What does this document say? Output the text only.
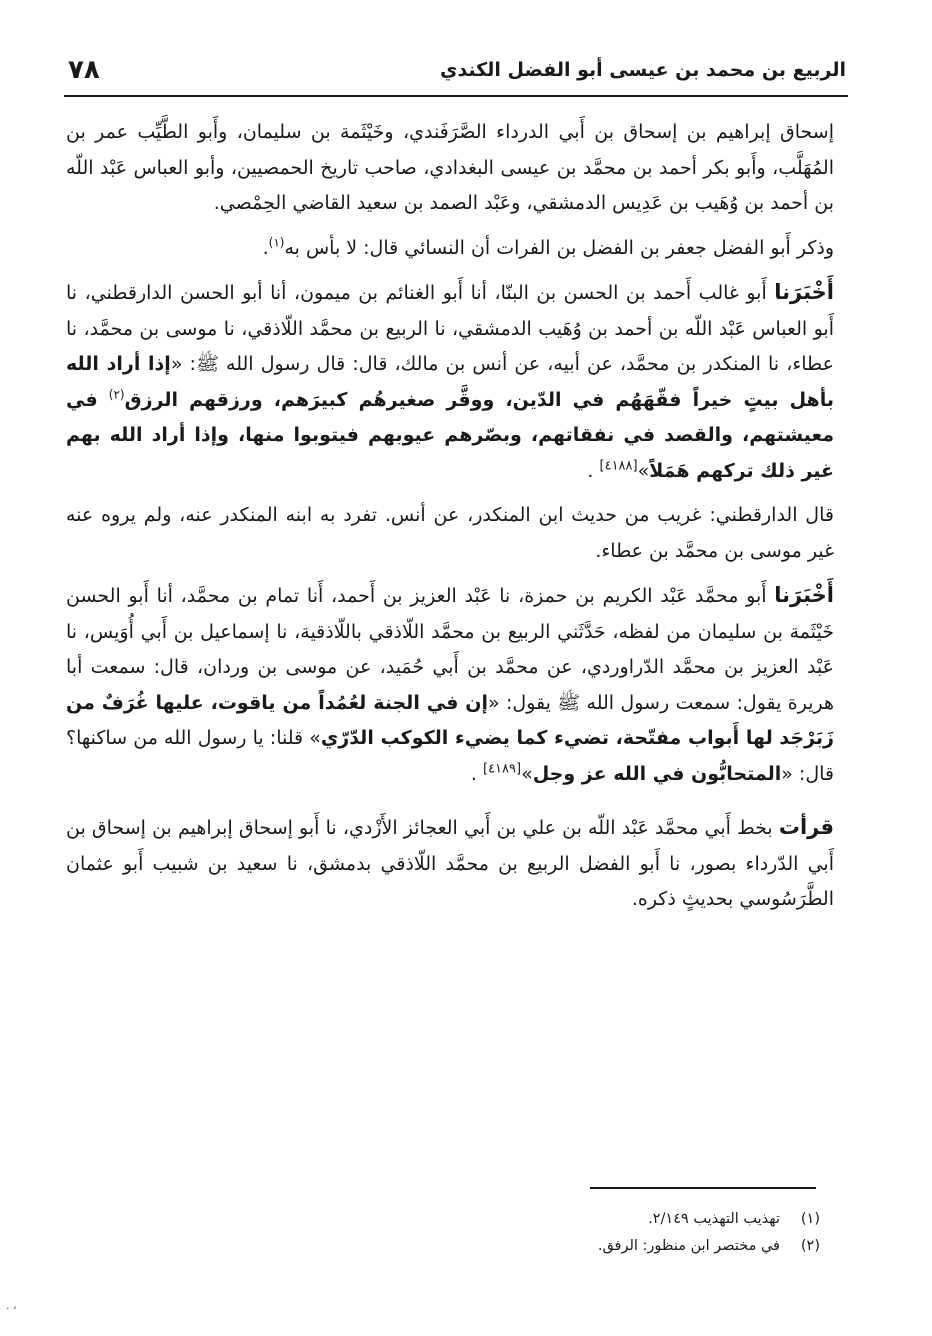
الربيع بن محمد بن عيسى أبو الفضل الكندي
٧٨

إسحاق إبراهيم بن إسحاق بن أَبي الدرداء الصَّرَفَندي، وخَيْثَمة بن سليمان، وأَبو الطَّيِّب عمر بن المُهَلَّب، وأَبو بكر أحمد بن محمَّد بن عيسى البغدادي، صاحب تاريخ الحمصيين، وأبو العباس عَبْد اللّه بن أحمد بن وُهَيب بن عَدِيس الدمشقي، وعَبْد الصمد بن سعيد القاضي الحِمْصي.

وذكر أَبو الفضل جعفر بن الفضل بن الفرات أن النسائي قال: لا بأس به$^{(١)}$.

أَخْبَرَنا أَبو غالب أَحمد بن الحسن بن البنّا، أنا أَبو الغنائم بن ميمون، أنا أبو الحسن الدارقطني، نا أَبو العباس عَبْد اللّه بن أحمد بن وُهَيب الدمشقي، نا الربيع بن محمَّد اللّاذقي، نا موسى بن محمَّد، نا عطاء، نا المنكدر بن محمَّد، عن أبيه، عن أنس بن مالك، قال: قال رسول الله ﷺ: «إذا أراد الله بأهل بيتٍ خيراً فقّهَهُم في الدّين، ووقَّر صغيرهُم كبيرَهم، ورزقهم الرزق$^{(٢)}$ في معيشتهم، والقصد في نفقاتهم، وبصّرهم عيوبهم فيتوبوا منها، وإذا أراد الله بهم غير ذلك تركهم هَمَلاً»[٤١٨٨] .

قال الدارقطني: غريب من حديث ابن المنكدر، عن أنس. تفرد به ابنه المنكدر عنه، ولم يروه عنه غير موسى بن محمَّد بن عطاء.

أَخْبَرَنا أَبو محمَّد عَبْد الكريم بن حمزة، نا عَبْد العزيز بن أَحمد، أَنا تمام بن محمَّد، أنا أَبو الحسن خَيْثَمة بن سليمان من لفظه، حَدَّثَني الربيع بن محمَّد اللّاذقي باللّاذقية، نا إسماعيل بن أَبي أُوَيس، نا عَبْد العزيز بن محمَّد الدّراوردي، عن محمَّد بن أَبي حُمَيد، عن موسى بن وردان، قال: سمعت أبا هريرة يقول: سمعت رسول الله ﷺ يقول: «إن في الجنة لعُمُداً من ياقوت، عليها غُرَفٌ من زَبَرْجَد لها أَبواب مفتّحة، تضيء كما يضيء الكوكب الدّرّي» قلنا: يا رسول الله من ساكنها؟ قال: «المتحابُّون في الله عز وجل»[٤١٨٩] .

قرأت بخط أَبي محمَّد عَبْد اللّه بن علي بن أَبي العجائز الأَزْدي، نا أَبو إسحاق إبراهيم بن إسحاق بن أَبي الدّرداء بصور، نا أَبو الفضل الربيع بن محمَّد اللّاذقي بدمشق، نا سعيد بن شبيب أَبو عثمان الطَّرَسُوسي بحديثٍ ذكره.

(١)
تهذيب التهذيب ٢/١٤٩.
(٢)
في مختصر ابن منظور: الرفق.
، .
